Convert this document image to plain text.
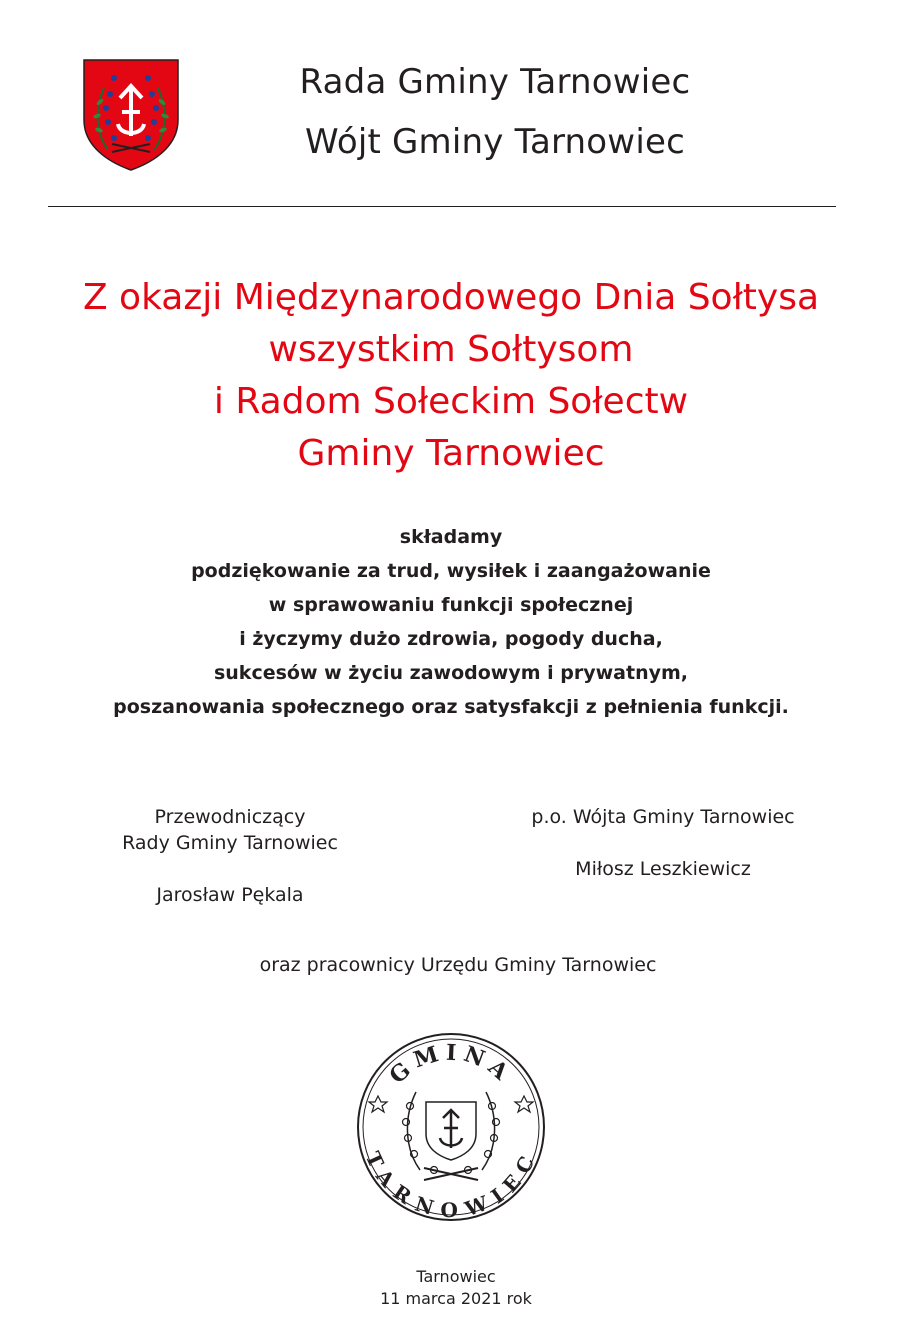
Rada Gminy Tarnowiec
Wójt Gminy Tarnowiec
Z okazji Międzynarodowego Dnia Sołtysa
wszystkim Sołtysom
i Radom Sołeckim Sołectw
Gminy Tarnowiec
składamy
podziękowanie za trud, wysiłek i zaangażowanie
w sprawowaniu funkcji społecznej
i życzymy dużo zdrowia, pogody ducha,
sukcesów w życiu zawodowym i prywatnym,
poszanowania społecznego oraz satysfakcji z pełnienia funkcji.
Przewodniczący
Rady Gminy Tarnowiec
Jarosław Pękala
p.o. Wójta Gminy Tarnowiec
Miłosz Leszkiewicz
oraz pracownicy Urzędu Gminy Tarnowiec
GMINA
TARNOWIEC
Tarnowiec
11 marca 2021 rok
